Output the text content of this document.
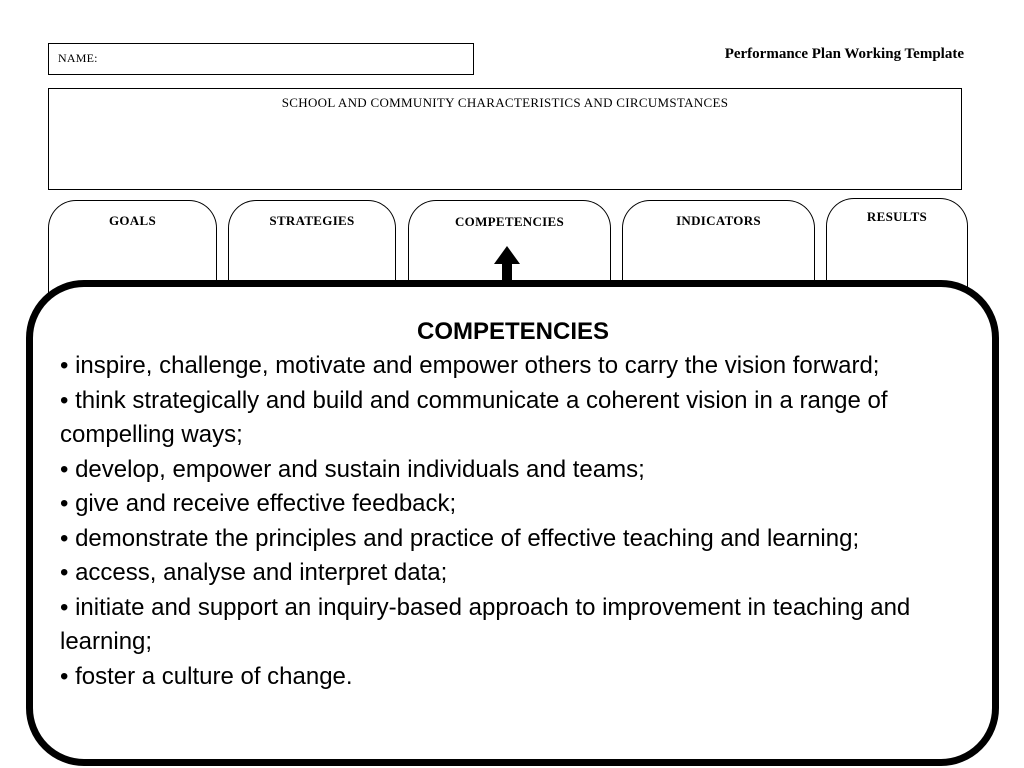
NAME:	Performance Plan Working Template
SCHOOL AND COMMUNITY CHARACTERISTICS AND CIRCUMSTANCES
GOALS	STRATEGIES	COMPETENCIES	INDICATORS	RESULTS
COMPETENCIES
• inspire, challenge, motivate and empower others to carry the vision forward;
• think strategically and build and communicate a coherent vision in a range of compelling ways;
• develop, empower and sustain individuals and teams;
• give and receive effective feedback;
• demonstrate the principles and practice of effective teaching and learning;
• access, analyse and interpret data;
• initiate and support an inquiry-based approach to improvement in teaching and learning;
• foster a culture of change.
